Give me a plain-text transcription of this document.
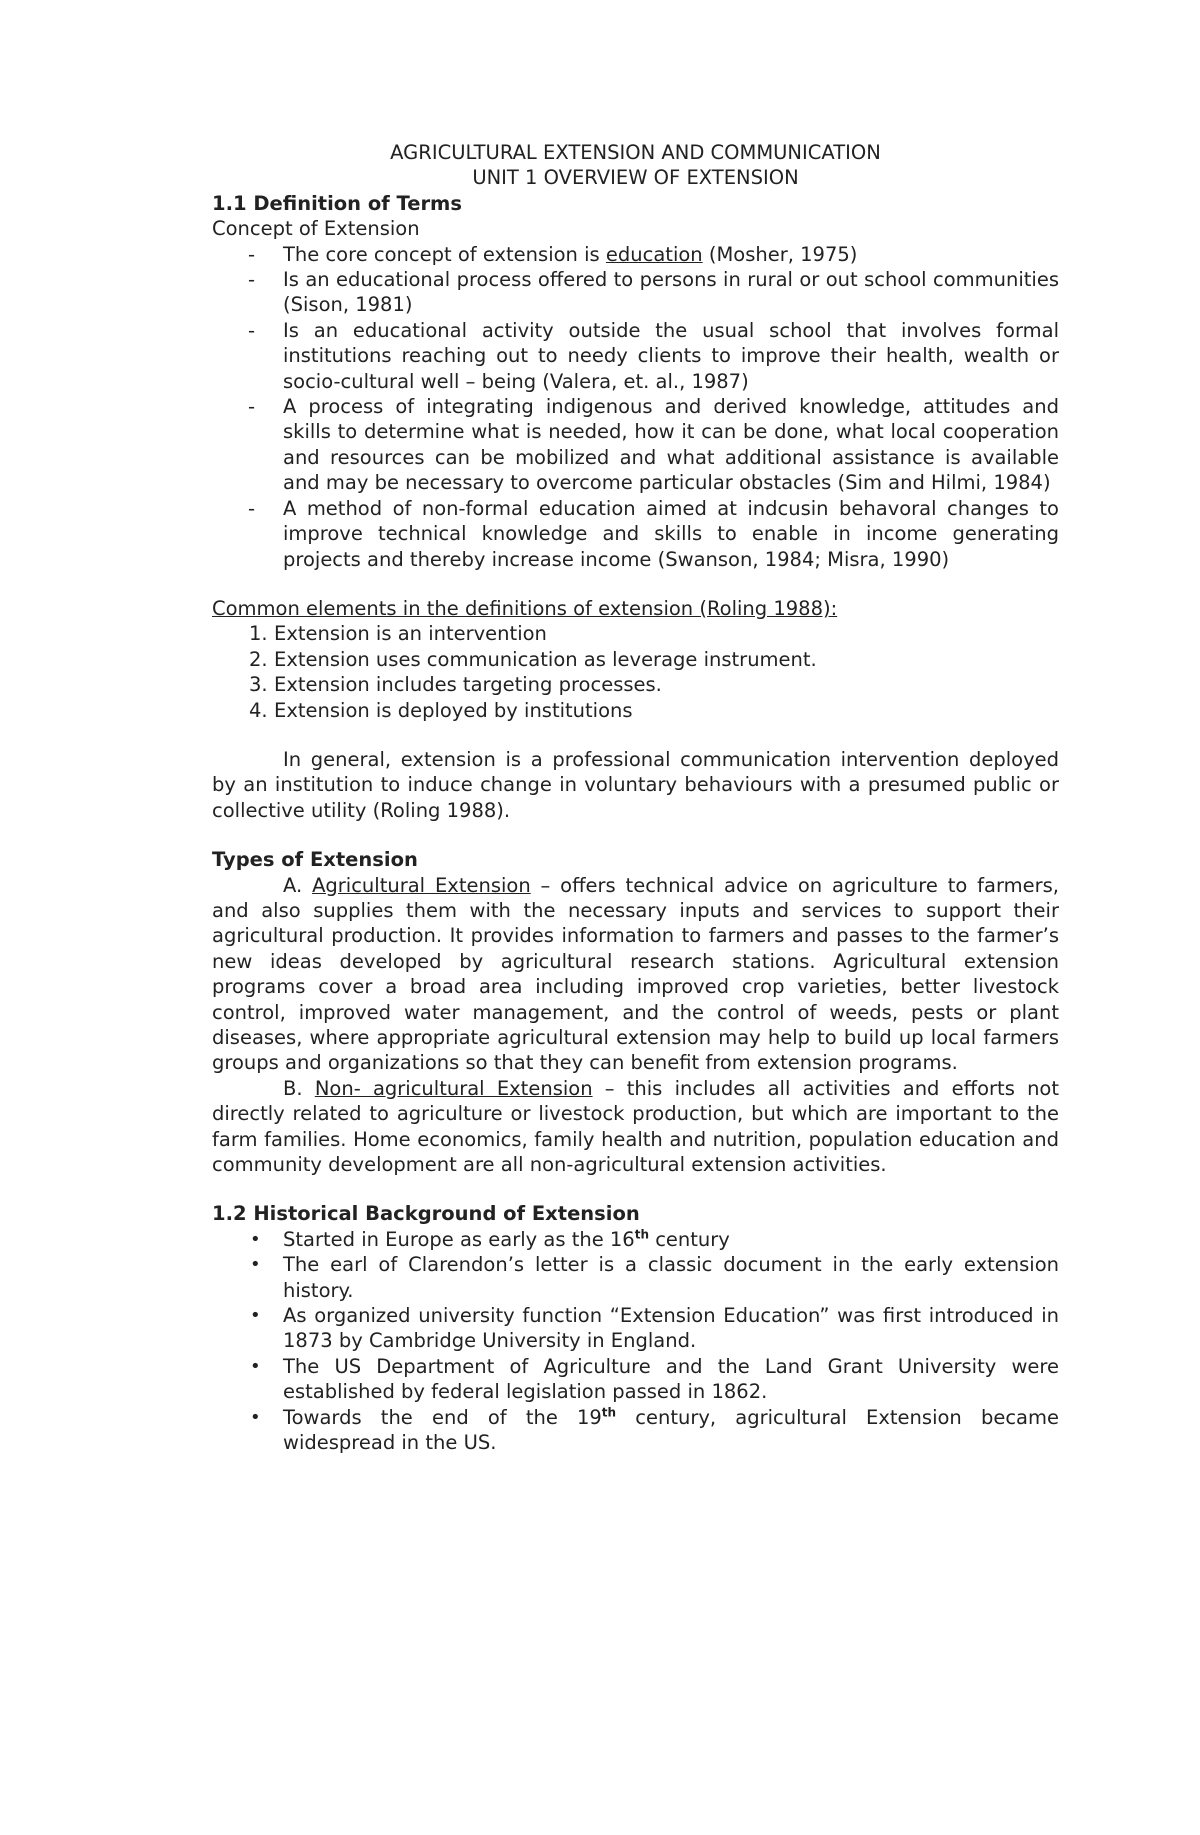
AGRICULTURAL EXTENSION AND COMMUNICATION

UNIT 1 OVERVIEW OF EXTENSION

1.1 Definition of Terms

Concept of Extension

- The core concept of extension is education (Mosher, 1975)
- Is an educational process offered to persons in rural or out school communities (Sison, 1981)
- Is an educational activity outside the usual school that involves formal institutions reaching out to needy clients to improve their health, wealth or socio-cultural well – being (Valera, et. al., 1987)
- A process of integrating indigenous and derived knowledge, attitudes and skills to determine what is needed, how it can be done, what local cooperation and resources can be mobilized and what additional assistance is available and may be necessary to overcome particular obstacles (Sim and Hilmi, 1984)
- A method of non-formal education aimed at indcusin behavoral changes to improve technical knowledge and skills to enable in income generating projects and thereby increase income (Swanson, 1984; Misra, 1990)

Common elements in the definitions of extension (Roling 1988):

1. Extension is an intervention
2. Extension uses communication as leverage instrument.
3. Extension includes targeting processes.
4. Extension is deployed by institutions

In general, extension is a professional communication intervention deployed by an institution to induce change in voluntary behaviours with a presumed public or collective utility (Roling 1988).

Types of Extension

A. Agricultural Extension – offers technical advice on agriculture to farmers, and also supplies them with the necessary inputs and services to support their agricultural production. It provides information to farmers and passes to the farmer’s new ideas developed by agricultural research stations. Agricultural extension programs cover a broad area including improved crop varieties, better livestock control, improved water management, and the control of weeds, pests or plant diseases, where appropriate agricultural extension may help to build up local farmers groups and organizations so that they can benefit from extension programs.

B. Non- agricultural Extension – this includes all activities and efforts not directly related to agriculture or livestock production, but which are important to the farm families. Home economics, family health and nutrition, population education and community development are all non-agricultural extension activities.

1.2 Historical Background of Extension

• Started in Europe as early as the 16th century
• The earl of Clarendon’s letter is a classic document in the early extension history.
• As organized university function “Extension Education” was first introduced in 1873 by Cambridge University in England.
• The US Department of Agriculture and the Land Grant University were established by federal legislation passed in 1862.
• Towards the end of the 19th century, agricultural Extension became widespread in the US.
